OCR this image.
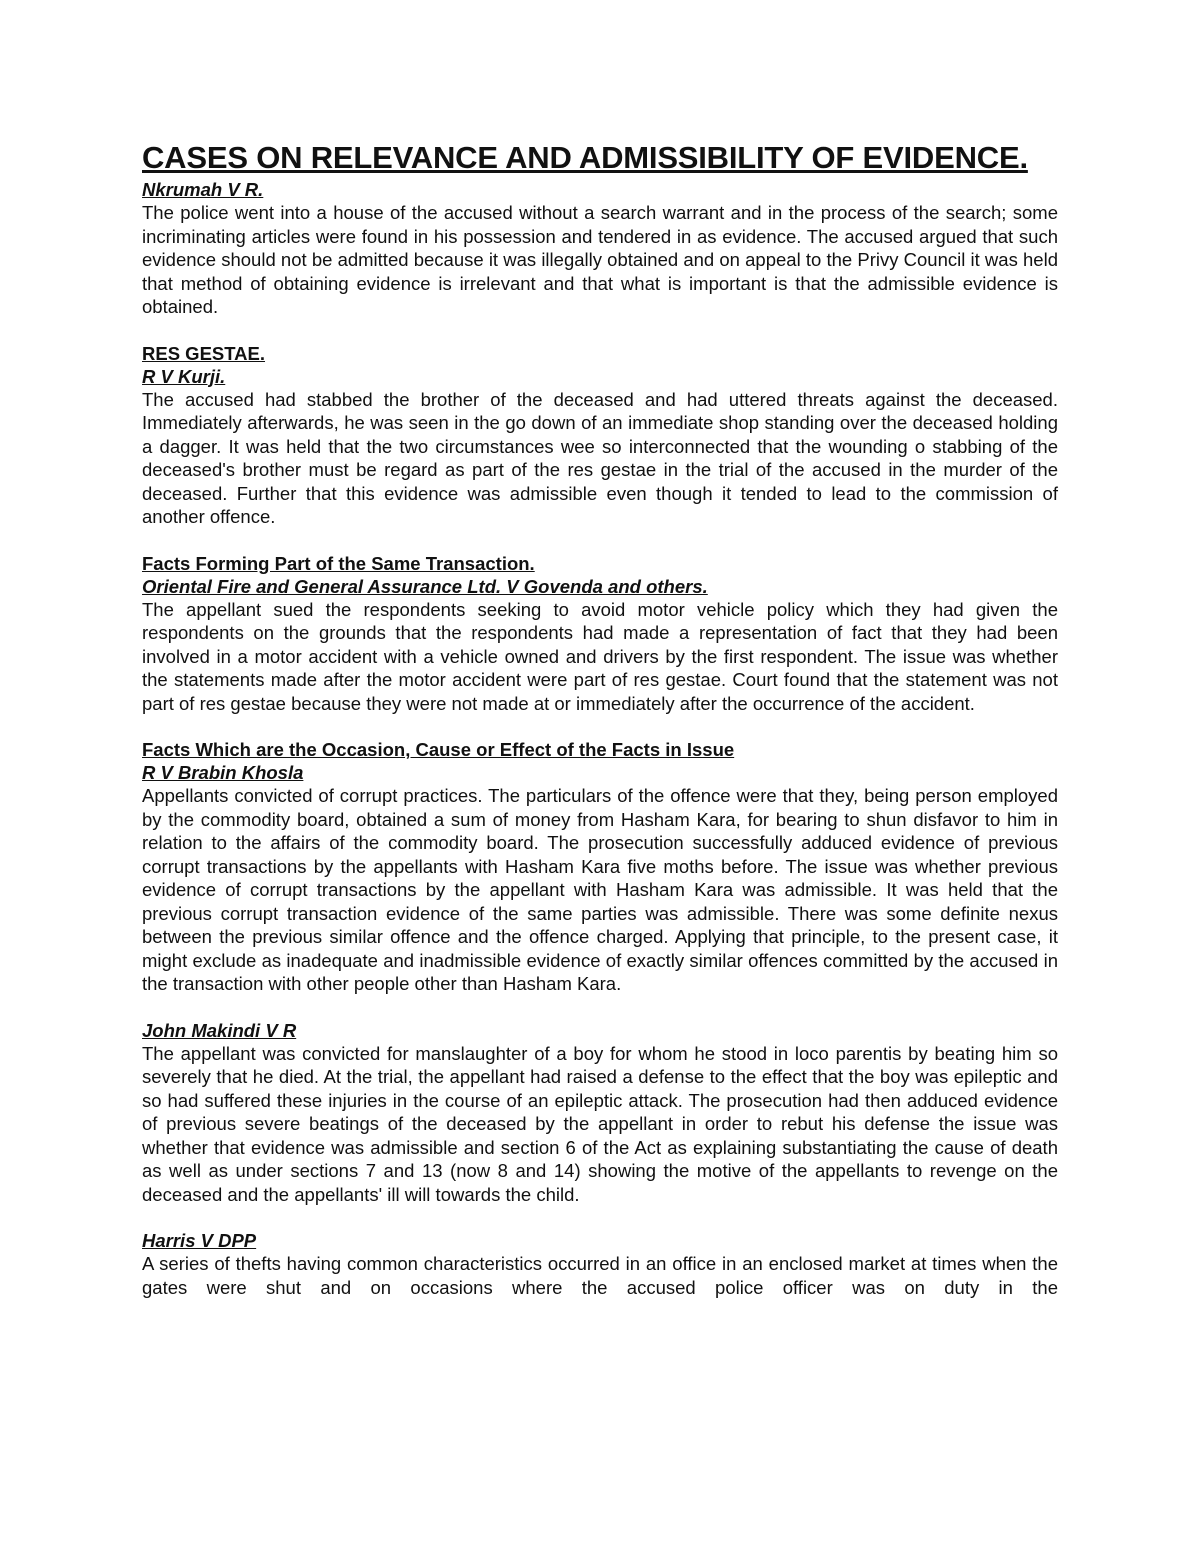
CASES ON RELEVANCE AND ADMISSIBILITY OF EVIDENCE.

Nkrumah V R.

The police went into a house of the accused without a search warrant and in the process of the search; some incriminating articles were found in his possession and tendered in as evidence. The accused argued that such evidence should not be admitted because it was illegally obtained and on appeal to the Privy Council it was held that method of obtaining evidence is irrelevant and that what is important is that the admissible evidence is obtained.

RES GESTAE.

R V Kurji.

The accused had stabbed the brother of the deceased and had uttered threats against the deceased. Immediately afterwards, he was seen in the go down of an immediate shop standing over the deceased holding a dagger. It was held that the two circumstances wee so interconnected that the wounding o stabbing of the deceased's brother must be regard as part of the res gestae in the trial of the accused in the murder of the deceased. Further that this evidence was admissible even though it tended to lead to the commission of another offence.

Facts Forming Part of the Same Transaction.

Oriental Fire and General Assurance Ltd. V Govenda and others.

The appellant sued the respondents seeking to avoid motor vehicle policy which they had given the respondents on the grounds that the respondents had made a representation of fact that they had been involved in a motor accident with a vehicle owned and drivers by the first respondent. The issue was whether the statements made after the motor accident were part of res gestae. Court found that the statement was not part of res gestae because they were not made at or immediately after the occurrence of the accident.

Facts Which are the Occasion, Cause or Effect of the Facts in Issue

R V Brabin Khosla

Appellants convicted of corrupt practices. The particulars of the offence were that they, being person employed by the commodity board, obtained a sum of money from Hasham Kara, for bearing to shun disfavor to him in relation to the affairs of the commodity board. The prosecution successfully adduced evidence of previous corrupt transactions by the appellants with Hasham Kara five moths before. The issue was whether previous evidence of corrupt transactions by the appellant with Hasham Kara was admissible. It was held that the previous corrupt transaction evidence of the same parties was admissible. There was some definite nexus between the previous similar offence and the offence charged. Applying that principle, to the present case, it might exclude as inadequate and inadmissible evidence of exactly similar offences committed by the accused in the transaction with other people other than Hasham Kara.

John Makindi V R

The appellant was convicted for manslaughter of a boy for whom he stood in loco parentis by beating him so severely that he died. At the trial, the appellant had raised a defense to the effect that the boy was epileptic and so had suffered these injuries in the course of an epileptic attack. The prosecution had then adduced evidence of previous severe beatings of the deceased by the appellant in order to rebut his defense the issue was whether that evidence was admissible and section 6 of the Act as explaining substantiating the cause of death as well as under sections 7 and 13 (now 8 and 14) showing the motive of the appellants to revenge on the deceased and the appellants' ill will towards the child.

Harris V DPP

A series of thefts having common characteristics occurred in an office in an enclosed market at times when the gates were shut and on occasions where the accused police officer was on duty in the
